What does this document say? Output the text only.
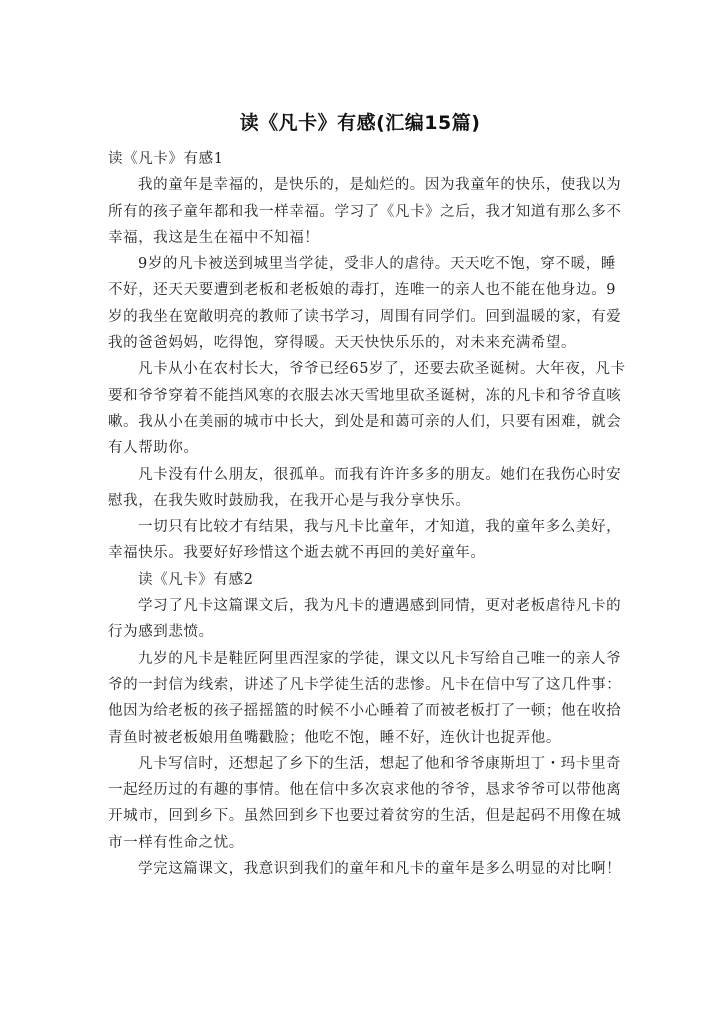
读《凡卡》有感(汇编15篇)
读《凡卡》有感1
我的童年是幸福的，是快乐的，是灿烂的。因为我童年的快乐，使我以为
所有的孩子童年都和我一样幸福。学习了《凡卡》之后，我才知道有那么多不
幸福，我这是生在福中不知福！
9岁的凡卡被送到城里当学徒，受非人的虐待。天天吃不饱，穿不暖，睡
不好，还天天要遭到老板和老板娘的毒打，连唯一的亲人也不能在他身边。9
岁的我坐在宽敞明亮的教师了读书学习，周围有同学们。回到温暖的家，有爱
我的爸爸妈妈，吃得饱，穿得暖。天天快快乐乐的，对未来充满希望。
凡卡从小在农村长大，爷爷已经65岁了，还要去砍圣诞树。大年夜，凡卡
要和爷爷穿着不能挡风寒的衣服去冰天雪地里砍圣诞树，冻的凡卡和爷爷直咳
嗽。我从小在美丽的城市中长大，到处是和蔼可亲的人们，只要有困难，就会
有人帮助你。
凡卡没有什么朋友，很孤单。而我有许许多多的朋友。她们在我伤心时安
慰我，在我失败时鼓励我，在我开心是与我分享快乐。
一切只有比较才有结果，我与凡卡比童年，才知道，我的童年多么美好，
幸福快乐。我要好好珍惜这个逝去就不再回的美好童年。
读《凡卡》有感2
学习了凡卡这篇课文后，我为凡卡的遭遇感到同情，更对老板虐待凡卡的
行为感到悲愤。
九岁的凡卡是鞋匠阿里西涅家的学徒，课文以凡卡写给自己唯一的亲人爷
爷的一封信为线索，讲述了凡卡学徒生活的悲惨。凡卡在信中写了这几件事：
他因为给老板的孩子摇摇篮的时候不小心睡着了而被老板打了一顿；他在收拾
青鱼时被老板娘用鱼嘴戳脸；他吃不饱，睡不好，连伙计也捉弄他。
凡卡写信时，还想起了乡下的生活，想起了他和爷爷康斯坦丁・玛卡里奇
一起经历过的有趣的事情。他在信中多次哀求他的爷爷，恳求爷爷可以带他离
开城市，回到乡下。虽然回到乡下也要过着贫穷的生活，但是起码不用像在城
市一样有性命之忧。
学完这篇课文，我意识到我们的童年和凡卡的童年是多么明显的对比啊！
